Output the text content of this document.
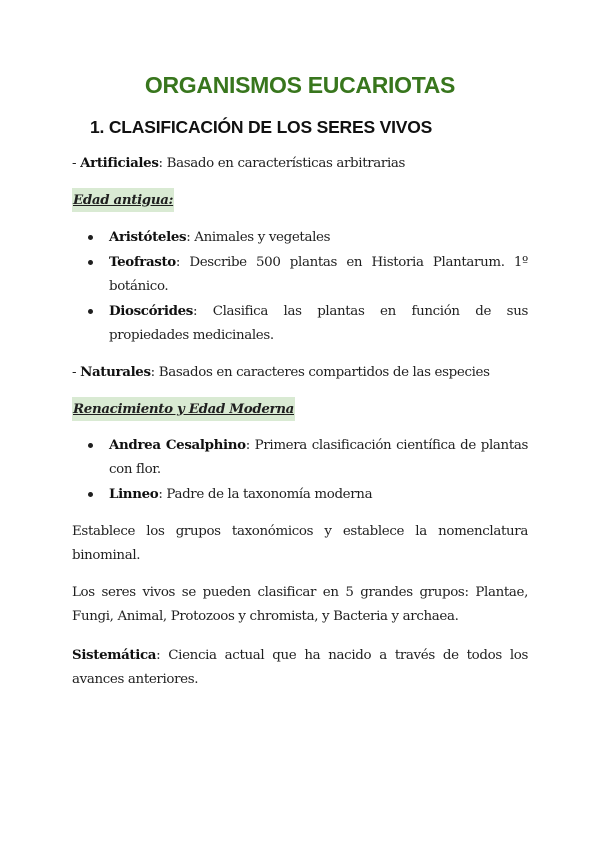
ORGANISMOS EUCARIOTAS
1. CLASIFICACIÓN DE LOS SERES VIVOS

- Artificiales: Basado en características arbitrarias

Edad antigua:

Aristóteles: Animales y vegetales
Teofrasto: Describe 500 plantas en Historia Plantarum. 1º botánico.
Dioscórides: Clasifica las plantas en función de sus propiedades medicinales.

- Naturales: Basados en caracteres compartidos de las especies

Renacimiento y Edad Moderna

Andrea Cesalphino: Primera clasificación científica de plantas con flor.
Linneo: Padre de la taxonomía moderna

Establece los grupos taxonómicos y establece la nomenclatura binominal.

Los seres vivos se pueden clasificar en 5 grandes grupos: Plantae, Fungi, Animal, Protozoos y chromista, y Bacteria y archaea.

Sistemática: Ciencia actual que ha nacido a través de todos los avances anteriores.
